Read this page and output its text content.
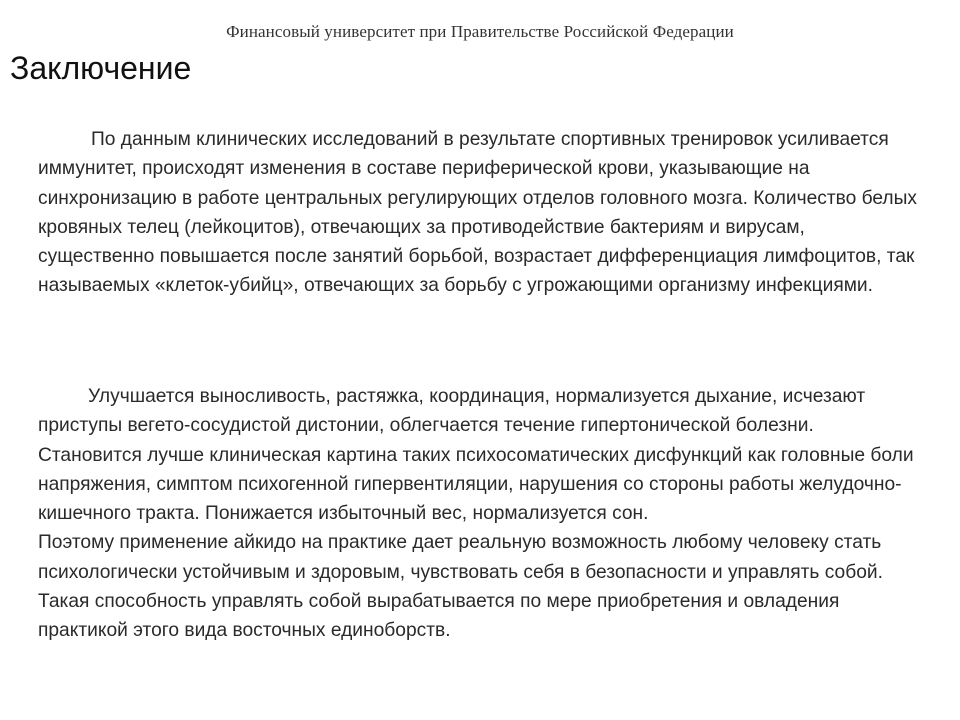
Финансовый университет при Правительстве Российской Федерации
Заключение

По данным клинических исследований в результате спортивных тренировок усиливается иммунитет, происходят изменения в составе периферической крови, указывающие на синхронизацию в работе центральных регулирующих отделов головного мозга. Количество белых кровяных телец (лейкоцитов), отвечающих за противодействие бактериям и вирусам, существенно повышается после занятий борьбой, возрастает дифференциация лимфоцитов, так называемых «клеток-убийц», отвечающих за борьбу с угрожающими организму инфекциями.

Улучшается выносливость, растяжка, координация, нормализуется дыхание, исчезают приступы вегето-сосудистой дистонии, облегчается течение гипертонической болезни. Становится лучше клиническая картина таких психосоматических дисфункций как головные боли напряжения, симптом психогенной гипервентиляции, нарушения со стороны работы желудочно-кишечного тракта. Понижается избыточный вес, нормализуется сон.

Поэтому применение айкидо на практике дает реальную возможность любому человеку стать психологически устойчивым и здоровым, чувствовать себя в безопасности и управлять собой. Такая способность управлять собой вырабатывается по мере приобретения и овладения практикой этого вида восточных единоборств.
